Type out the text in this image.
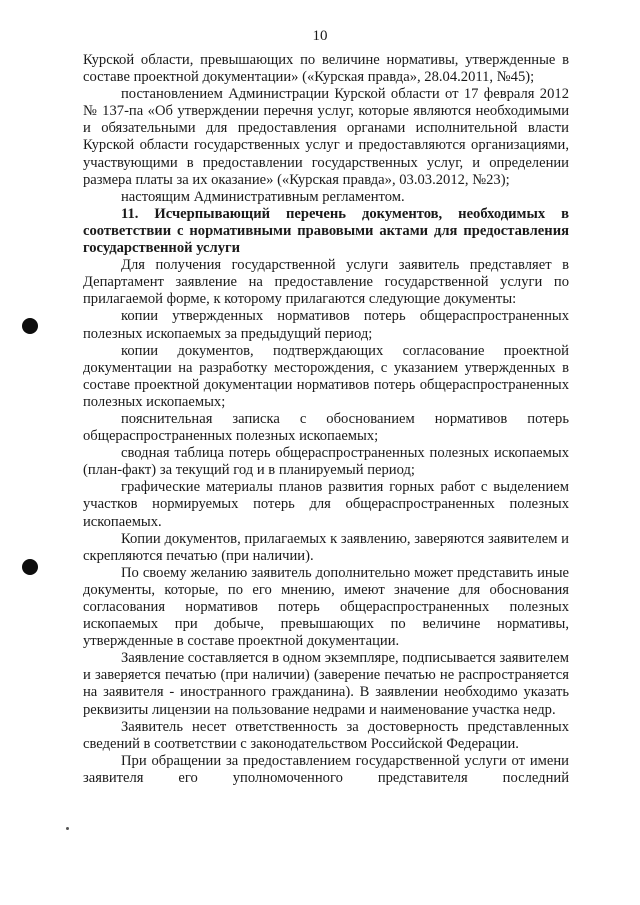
10

Курской области, превышающих по величине нормативы, утвержденные в составе проектной документации» («Курская правда», 28.04.2011, №45);

постановлением Администрации Курской области от 17 февраля 2012 № 137-па «Об утверждении перечня услуг, которые являются необходимыми и обязательными для предоставления органами исполнительной власти Курской области государственных услуг и предоставляются организациями, участвующими в предоставлении государственных услуг, и определении размера платы за их оказание» («Курская правда», 03.03.2012, №23);

настоящим Административным регламентом.

11. Исчерпывающий перечень документов, необходимых в соответствии с нормативными правовыми актами для предоставления государственной услуги

Для получения государственной услуги заявитель представляет в Департамент заявление на предоставление государственной услуги по прилагаемой форме, к которому прилагаются следующие документы:

копии утвержденных нормативов потерь общераспространенных полезных ископаемых за предыдущий период;

копии документов, подтверждающих согласование проектной документации на разработку месторождения, с указанием утвержденных в составе проектной документации нормативов потерь общераспространенных полезных ископаемых;

пояснительная записка с обоснованием нормативов потерь общераспространенных полезных ископаемых;

сводная таблица потерь общераспространенных полезных ископаемых (план-факт) за текущий год и в планируемый период;

графические материалы планов развития горных работ с выделением участков нормируемых потерь для общераспространенных полезных ископаемых.

Копии документов, прилагаемых к заявлению, заверяются заявителем и скрепляются печатью (при наличии).

По своему желанию заявитель дополнительно может представить иные документы, которые, по его мнению, имеют значение для обоснования согласования нормативов потерь общераспространенных полезных ископаемых при добыче, превышающих по величине нормативы, утвержденные в составе проектной документации.

Заявление составляется в одном экземпляре, подписывается заявителем и заверяется печатью (при наличии) (заверение печатью не распространяется на заявителя - иностранного гражданина). В заявлении необходимо указать реквизиты лицензии на пользование недрами и наименование участка недр.

Заявитель несет ответственность за достоверность представленных сведений в соответствии с законодательством Российской Федерации.

При обращении за предоставлением государственной услуги от имени заявителя его уполномоченного представителя последний
